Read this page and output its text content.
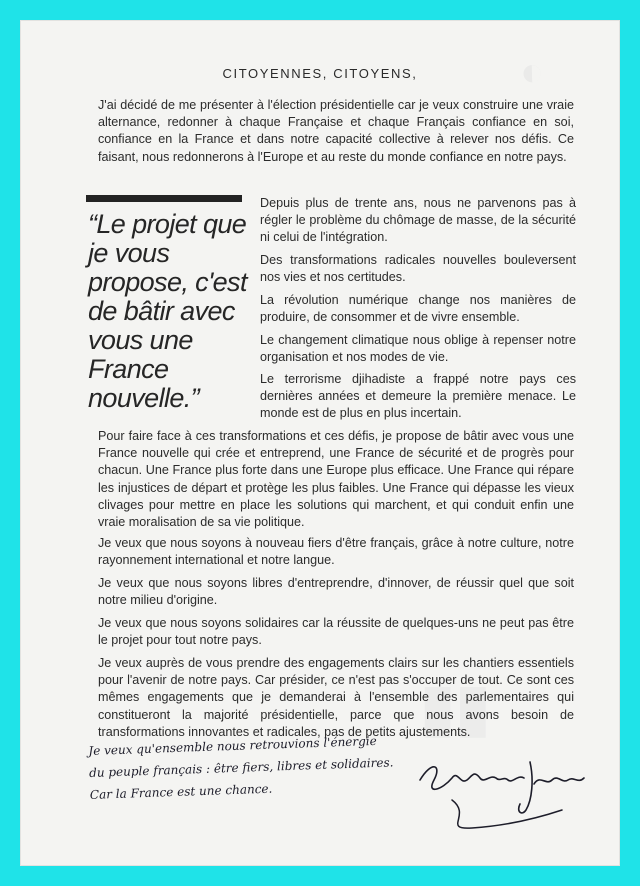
◐
▮▮
CITOYENNES, CITOYENS,

J'ai décidé de me présenter à l'élection présidentielle car je veux construire une vraie alternance, redonner à chaque Française et chaque Français confiance en soi, confiance en la France et dans notre capacité collective à relever nos défis. Ce faisant, nous redonnerons à l'Europe et au reste du monde confiance en notre pays.

“Le projet que je vous propose, c'est de bâtir avec vous une France nouvelle.”

Depuis plus de trente ans, nous ne parvenons pas à régler le problème du chômage de masse, de la sécurité ni celui de l'intégration.

Des transformations radicales nouvelles bouleversent nos vies et nos certitudes.

La révolution numérique change nos manières de produire, de consommer et de vivre ensemble.

Le changement climatique nous oblige à repenser notre organisation et nos modes de vie.

Le terrorisme djihadiste a frappé notre pays ces dernières années et demeure la première menace. Le monde est de plus en plus incertain.

Pour faire face à ces transformations et ces défis, je propose de bâtir avec vous une France nouvelle qui crée et entreprend, une France de sécurité et de progrès pour chacun. Une France plus forte dans une Europe plus efficace. Une France qui répare les injustices de départ et protège les plus faibles. Une France qui dépasse les vieux clivages pour mettre en place les solutions qui marchent, et qui conduit enfin une vraie moralisation de sa vie politique.

Je veux que nous soyons à nouveau fiers d'être français, grâce à notre culture, notre rayonnement international et notre langue.

Je veux que nous soyons libres d'entreprendre, d'innover, de réussir quel que soit notre milieu d'origine.

Je veux que nous soyons solidaires car la réussite de quelques-uns ne peut pas être le projet pour tout notre pays.

Je veux auprès de vous prendre des engagements clairs sur les chantiers essentiels pour l'avenir de notre pays. Car présider, ce n'est pas s'occuper de tout. Ce sont ces mêmes engagements que je demanderai à l'ensemble des parlementaires qui constitueront la majorité présidentielle, parce que nous avons besoin de transformations innovantes et radicales, pas de petits ajustements.

Je veux qu'ensemble nous retrouvions l'énergie
du peuple français : être fiers, libres et solidaires.
Car la France est une chance.
